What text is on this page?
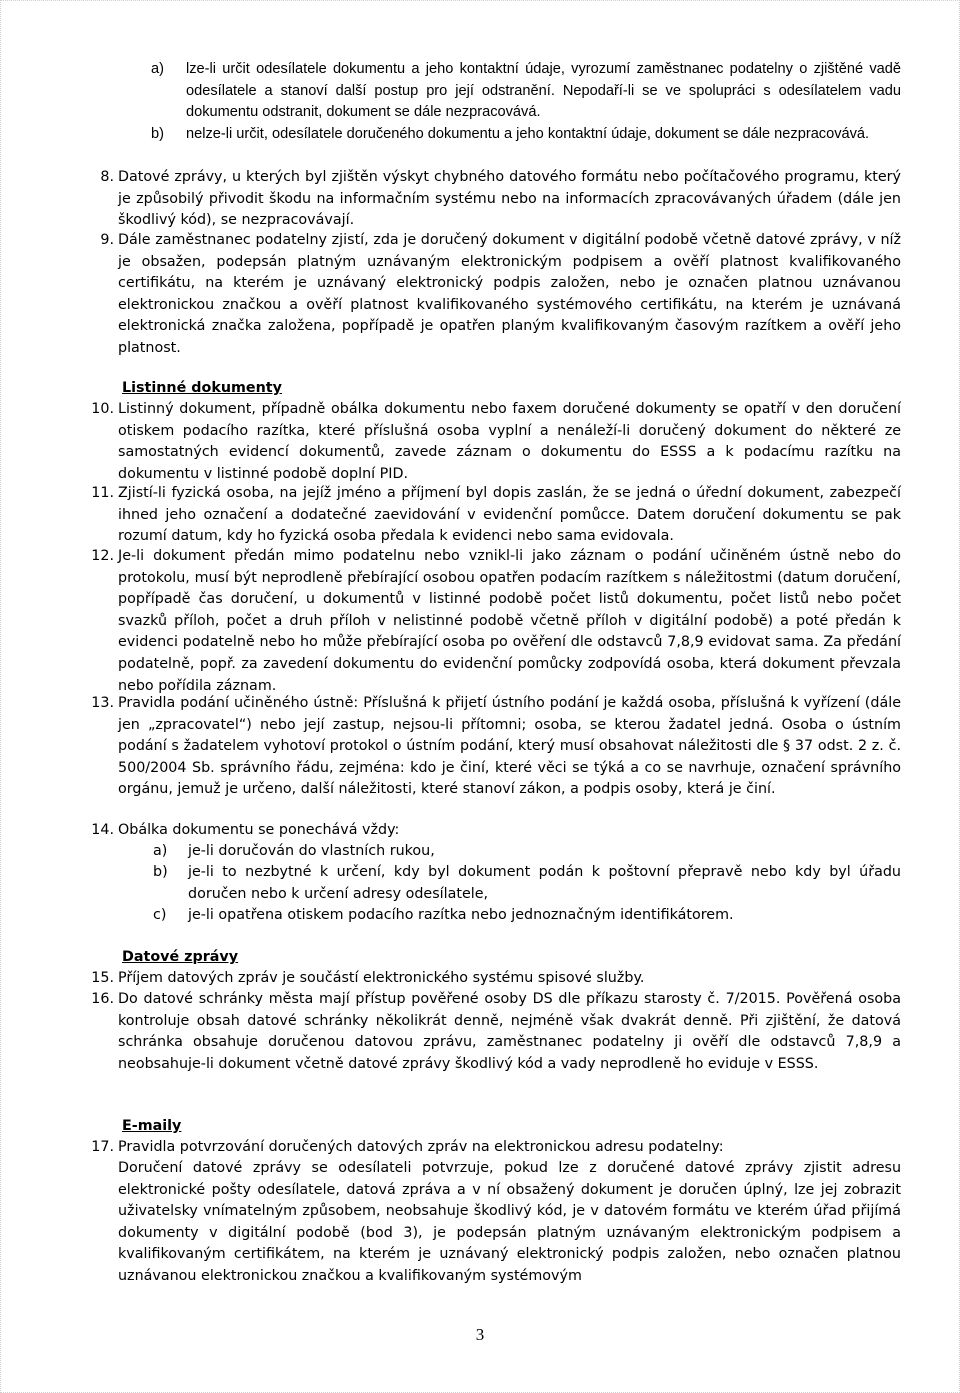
a)	lze-li určit odesílatele dokumentu a jeho kontaktní údaje, vyrozumí zaměstnanec podatelny o zjištěné vadě odesílatele a stanoví další postup pro její odstranění. Nepodaří-li se ve spolupráci s odesílatelem vadu dokumentu odstranit, dokument se dále nezpracovává.
b)	nelze-li určit, odesílatele doručeného dokumentu a jeho kontaktní údaje, dokument se dále nezpracovává.
8. Datové zprávy, u kterých byl zjištěn výskyt chybného datového formátu nebo počítačového programu, který je způsobilý přivodit škodu na informačním systému nebo na informacích zpracovávaných úřadem (dále jen škodlivý kód), se nezpracovávají.
9. Dále zaměstnanec podatelny zjistí, zda je doručený dokument v digitální podobě včetně datové zprávy, v níž je obsažen, podepsán platným uznávaným elektronickým podpisem a ověří platnost kvalifikovaného certifikátu, na kterém je uznávaný elektronický podpis založen, nebo je označen platnou uznávanou elektronickou značkou a ověří platnost kvalifikovaného systémového certifikátu, na kterém je uznávaná elektronická značka založena, popřípadě je opatřen planým kvalifikovaným časovým razítkem a ověří jeho platnost.
Listinné dokumenty
10. Listinný dokument, případně obálka dokumentu nebo faxem doručené dokumenty se opatří v den doručení otiskem podacího razítka, které příslušná osoba vyplní a nenáleží-li doručený dokument do některé ze samostatných evidencí dokumentů, zavede záznam o dokumentu do ESSS a k podacímu razítku na dokumentu v listinné podobě doplní PID.
11. Zjistí-li fyzická osoba, na jejíž jméno a příjmení byl dopis zaslán, že se jedná o úřední dokument, zabezpečí ihned jeho označení a dodatečné zaevidování v evidenční pomůcce. Datem doručení dokumentu se pak rozumí datum, kdy ho fyzická osoba předala k evidenci nebo sama evidovala.
12. Je-li dokument předán mimo podatelnu nebo vznikl-li jako záznam o podání učiněném ústně nebo do protokolu, musí být neprodleně přebírající osobou opatřen podacím razítkem s náležitostmi (datum doručení, popřípadě čas doručení, u dokumentů v listinné podobě počet listů dokumentu, počet listů nebo počet svazků příloh, počet a druh příloh v nelistinné podobě včetně příloh v digitální podobě) a poté předán k evidenci podatelně nebo ho může přebírající osoba po ověření dle odstavců 7,8,9 evidovat sama. Za předání podatelně, popř. za zavedení dokumentu do evidenční pomůcky zodpovídá osoba, která dokument převzala nebo pořídila záznam.
13. Pravidla podání učiněného ústně: Příslušná k přijetí ústního podání je každá osoba, příslušná k vyřízení (dále jen „zpracovatel“) nebo její zastup, nejsou-li přítomni; osoba, se kterou žadatel jedná. Osoba o ústním podání s žadatelem vyhotoví protokol o ústním podání, který musí obsahovat náležitosti dle § 37 odst. 2 z. č. 500/2004 Sb. správního řádu, zejména: kdo je činí, které věci se týká a co se navrhuje, označení správního orgánu, jemuž je určeno, další náležitosti, které stanoví zákon, a podpis osoby, která je činí.
14. Obálka dokumentu se ponechává vždy:
a)	je-li doručován do vlastních rukou,
b)	je-li to nezbytné k určení, kdy byl dokument podán k poštovní přepravě nebo kdy byl úřadu doručen nebo k určení adresy odesílatele,
c)	je-li opatřena otiskem podacího razítka nebo jednoznačným identifikátorem.
Datové zprávy
15. Příjem datových zpráv je součástí elektronického systému spisové služby.
16. Do datové schránky města mají přístup pověřené osoby DS dle příkazu starosty č. 7/2015. Pověřená osoba kontroluje obsah datové schránky několikrát denně, nejméně však dvakrát denně. Při zjištění, že datová schránka obsahuje doručenou datovou zprávu, zaměstnanec podatelny ji ověří dle odstavců 7,8,9 a neobsahuje-li dokument včetně datové zprávy škodlivý kód a vady neprodleně ho eviduje v ESSS.
E-maily
17. Pravidla potvrzování doručených datových zpráv na elektronickou adresu podatelny:
Doručení datové zprávy se odesílateli potvrzuje, pokud lze z doručené datové zprávy zjistit adresu elektronické pošty odesílatele, datová zpráva a v ní obsažený dokument je doručen úplný, lze jej zobrazit uživatelsky vnímatelným způsobem, neobsahuje škodlivý kód, je v datovém formátu ve kterém úřad přijímá dokumenty v digitální podobě (bod 3), je podepsán platným uznávaným elektronickým podpisem a kvalifikovaným certifikátem, na kterém je uznávaný elektronický podpis založen, nebo označen platnou uznávanou elektronickou značkou a kvalifikovaným systémovým
3
